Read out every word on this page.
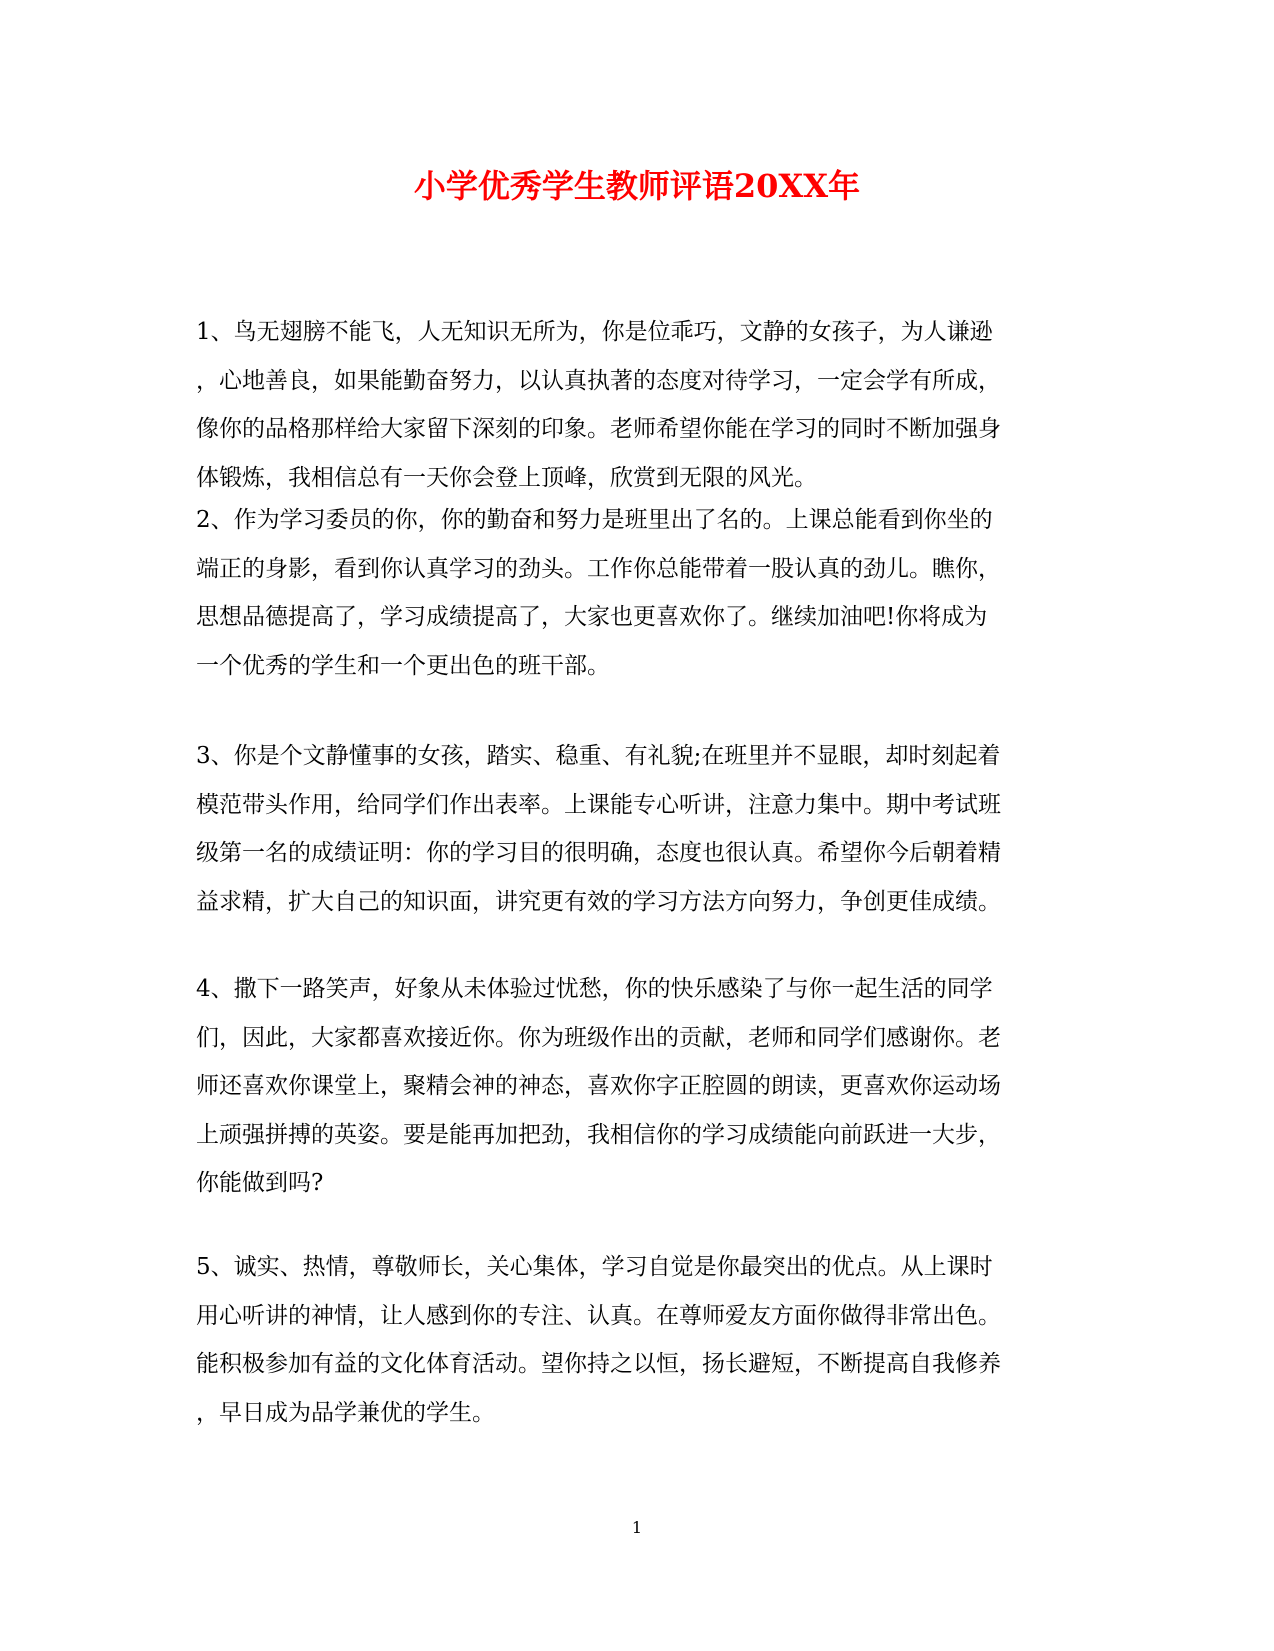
小学优秀学生教师评语20XX年

1、鸟无翅膀不能飞，人无知识无所为，你是位乖巧，文静的女孩子，为人谦逊
，心地善良，如果能勤奋努力，以认真执著的态度对待学习，一定会学有所成，
像你的品格那样给大家留下深刻的印象。老师希望你能在学习的同时不断加强身
体锻炼，我相信总有一天你会登上顶峰，欣赏到无限的风光。

2、作为学习委员的你，你的勤奋和努力是班里出了名的。上课总能看到你坐的
端正的身影，看到你认真学习的劲头。工作你总能带着一股认真的劲儿。瞧你，
思想品德提高了，学习成绩提高了，大家也更喜欢你了。继续加油吧!你将成为
一个优秀的学生和一个更出色的班干部。

3、你是个文静懂事的女孩，踏实、稳重、有礼貌;在班里并不显眼，却时刻起着
模范带头作用，给同学们作出表率。上课能专心听讲，注意力集中。期中考试班
级第一名的成绩证明：你的学习目的很明确，态度也很认真。希望你今后朝着精
益求精，扩大自己的知识面，讲究更有效的学习方法方向努力，争创更佳成绩。

4、撒下一路笑声，好象从未体验过忧愁，你的快乐感染了与你一起生活的同学
们，因此，大家都喜欢接近你。你为班级作出的贡献，老师和同学们感谢你。老
师还喜欢你课堂上，聚精会神的神态，喜欢你字正腔圆的朗读，更喜欢你运动场
上顽强拼搏的英姿。要是能再加把劲，我相信你的学习成绩能向前跃进一大步，
你能做到吗?

5、诚实、热情，尊敬师长，关心集体，学习自觉是你最突出的优点。从上课时
用心听讲的神情，让人感到你的专注、认真。在尊师爱友方面你做得非常出色。
能积极参加有益的文化体育活动。望你持之以恒，扬长避短，不断提高自我修养
，早日成为品学兼优的学生。

1
